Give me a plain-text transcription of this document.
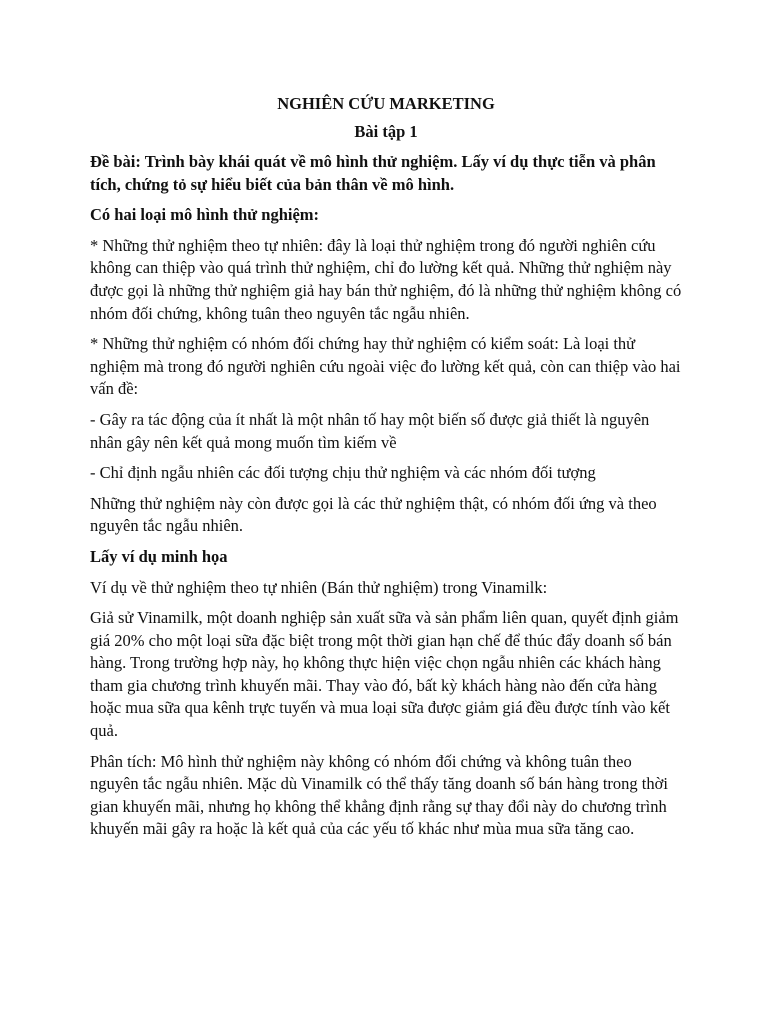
NGHIÊN CỨU MARKETING
Bài tập 1

Đề bài: Trình bày khái quát về mô hình thử nghiệm. Lấy ví dụ thực tiễn và phân tích, chứng tỏ sự hiểu biết của bản thân về mô hình.

Có hai loại mô hình thử nghiệm:

* Những thử nghiệm theo tự nhiên: đây là loại thử nghiệm trong đó người nghiên cứu không can thiệp vào quá trình thử nghiệm, chỉ đo lường kết quả. Những thử nghiệm này được gọi là những thử nghiệm giả hay bán thử nghiệm, đó là những thử nghiệm không có nhóm đối chứng, không tuân theo nguyên tắc ngẫu nhiên.

* Những thử nghiệm có nhóm đối chứng hay thử nghiệm có kiểm soát: Là loại thử nghiệm mà trong đó người nghiên cứu ngoài việc đo lường kết quả, còn can thiệp vào hai vấn đề:

- Gây ra tác động của ít nhất là một nhân tố hay một biến số được giả thiết là nguyên nhân gây nên kết quả mong muốn tìm kiếm về

- Chỉ định ngẫu nhiên các đối tượng chịu thử nghiệm và các nhóm đối tượng

Những thử nghiệm này còn được gọi là các thử nghiệm thật, có nhóm đối ứng và theo nguyên tắc ngẫu nhiên.

Lấy ví dụ minh họa

Ví dụ về thử nghiệm theo tự nhiên (Bán thử nghiệm) trong Vinamilk:

Giả sử Vinamilk, một doanh nghiệp sản xuất sữa và sản phẩm liên quan, quyết định giảm giá 20% cho một loại sữa đặc biệt trong một thời gian hạn chế để thúc đẩy doanh số bán hàng. Trong trường hợp này, họ không thực hiện việc chọn ngẫu nhiên các khách hàng tham gia chương trình khuyến mãi. Thay vào đó, bất kỳ khách hàng nào đến cửa hàng hoặc mua sữa qua kênh trực tuyến và mua loại sữa được giảm giá đều được tính vào kết quả.

Phân tích: Mô hình thử nghiệm này không có nhóm đối chứng và không tuân theo nguyên tắc ngẫu nhiên. Mặc dù Vinamilk có thể thấy tăng doanh số bán hàng trong thời gian khuyến mãi, nhưng họ không thể khẳng định rằng sự thay đổi này do chương trình khuyến mãi gây ra hoặc là kết quả của các yếu tố khác như mùa mua sữa tăng cao.
